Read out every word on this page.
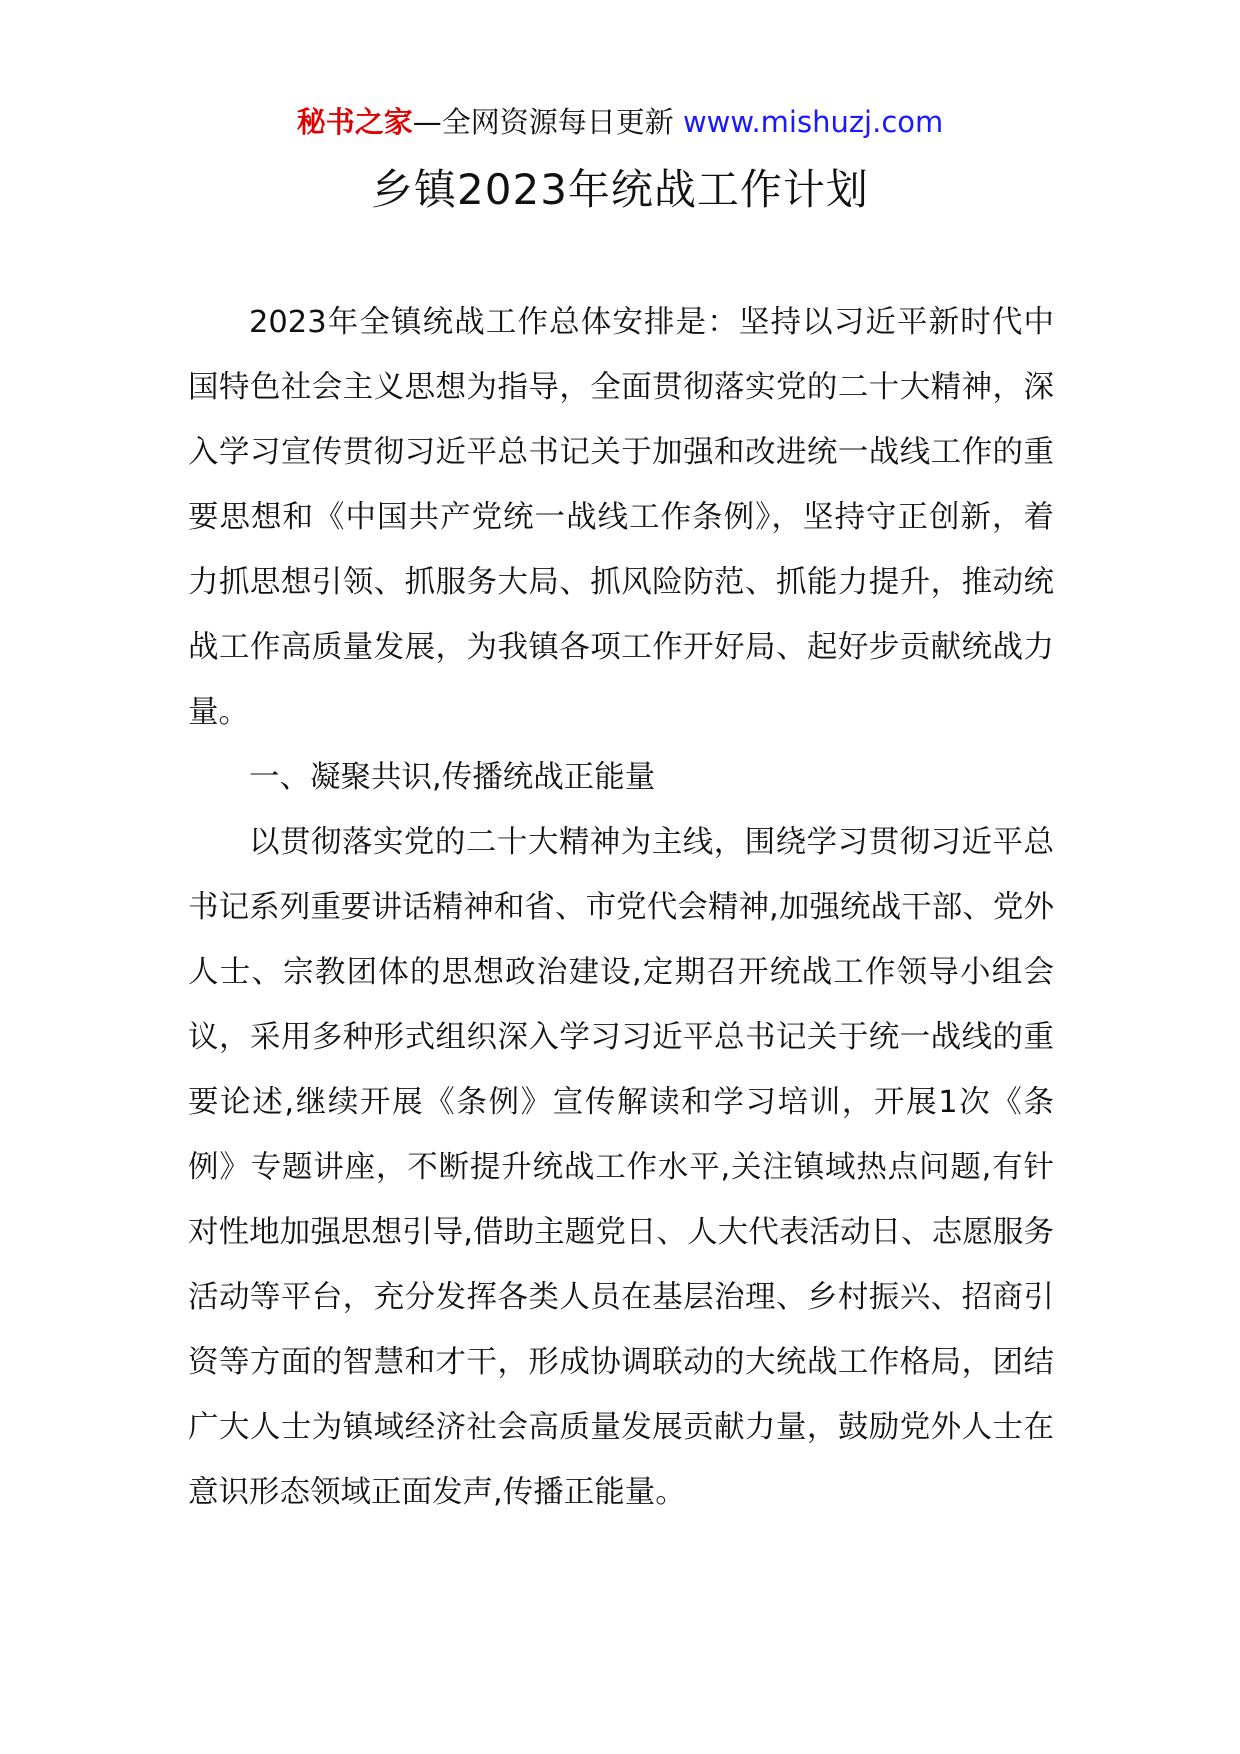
秘书之家—全网资源每日更新 www.mishuzj.com
乡镇2023年统战工作计划

2023年全镇统战工作总体安排是：坚持以习近平新时代中国特色社会主义思想为指导，全面贯彻落实党的二十大精神，深入学习宣传贯彻习近平总书记关于加强和改进统一战线工作的重要思想和《中国共产党统一战线工作条例》，坚持守正创新，着力抓思想引领、抓服务大局、抓风险防范、抓能力提升，推动统战工作高质量发展，为我镇各项工作开好局、起好步贡献统战力量。

一、凝聚共识,传播统战正能量

以贯彻落实党的二十大精神为主线，围绕学习贯彻习近平总书记系列重要讲话精神和省、市党代会精神,加强统战干部、党外人士、宗教团体的思想政治建设,定期召开统战工作领导小组会议，采用多种形式组织深入学习习近平总书记关于统一战线的重要论述,继续开展《条例》宣传解读和学习培训，开展1次《条例》专题讲座，不断提升统战工作水平,关注镇域热点问题,有针对性地加强思想引导,借助主题党日、人大代表活动日、志愿服务活动等平台，充分发挥各类人员在基层治理、乡村振兴、招商引资等方面的智慧和才干，形成协调联动的大统战工作格局，团结广大人士为镇域经济社会高质量发展贡献力量，鼓励党外人士在意识形态领域正面发声,传播正能量。
